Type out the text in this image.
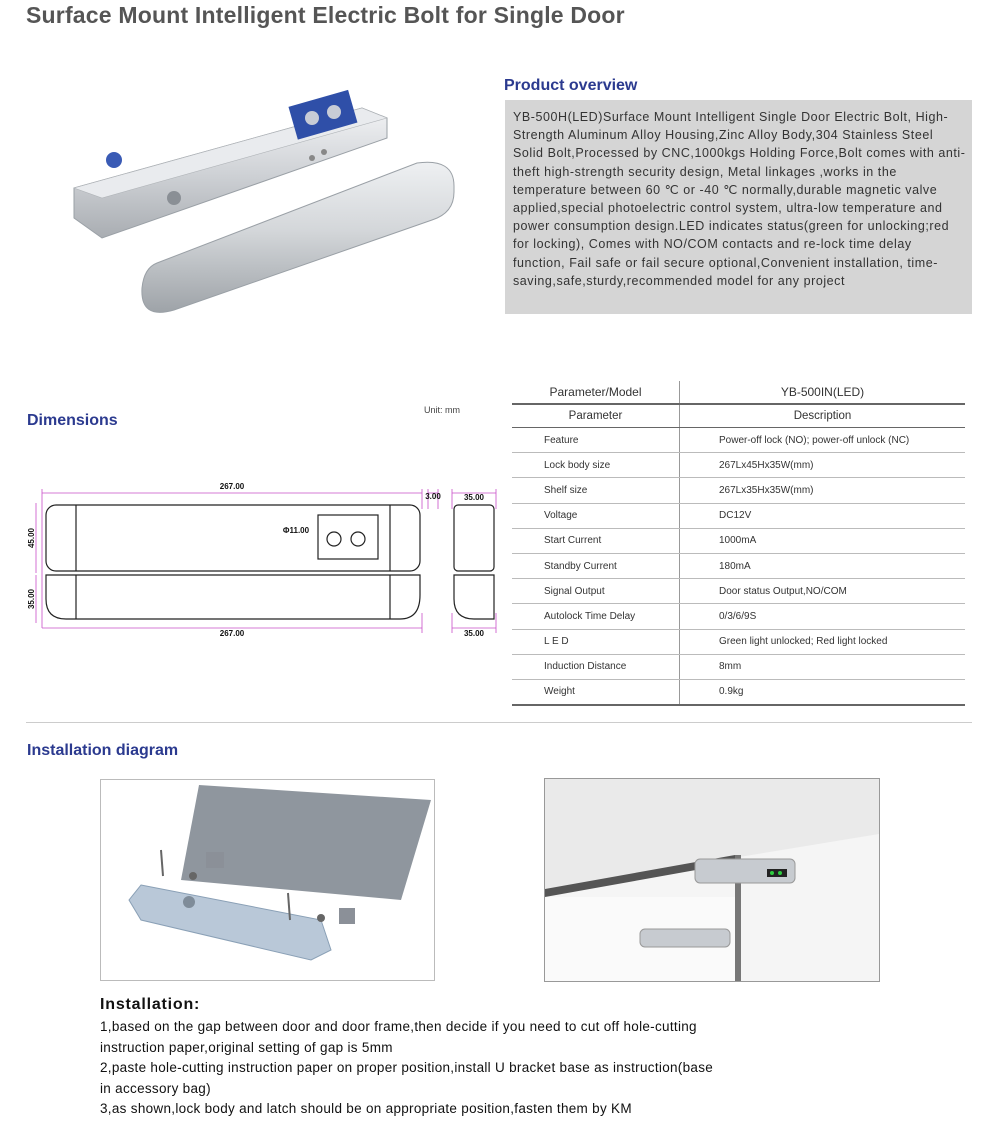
Surface Mount Intelligent Electric Bolt for Single Door
Product overview

YB-500H(LED)Surface Mount Intelligent Single Door Electric Bolt, High-Strength Aluminum Alloy Housing,Zinc Alloy Body,304 Stainless Steel Solid Bolt,Processed by CNC,1000kgs Holding Force,Bolt comes with anti-theft high-strength security design, Metal linkages ,works in the temperature between 60 ℃ or -40 ℃ normally,durable magnetic valve applied,special photoelectric control system, ultra-low temperature and power consumption design.LED indicates status(green for unlocking;red for locking), Comes with NO/COM contacts and re-lock time delay function, Fail safe or fail secure optional,Convenient installation, time-saving,safe,sturdy,recommended model for any project

Dimensions
Unit: mm
267.00
3.00	35.00
45.00	Φ11.00
35.00
267.00	35.00
Parameter/Model	YB-500IN(LED)
Parameter	Description
Feature	Power-off lock (NO); power-off unlock (NC)
Lock body size	267Lx45Hx35W(mm)
Shelf size	267Lx35Hx35W(mm)
Voltage	DC12V
Start Current	1000mA
Standby Current	180mA
Signal Output	Door status Output,NO/COM
Autolock Time Delay	0/3/6/9S
L E D	Green light unlocked; Red light locked
Induction Distance	8mm
Weight	0.9kg
Installation diagram
Installation:

1,based on the gap between door and door frame,then decide if you need to cut off hole-cutting instruction paper,original setting of gap is 5mm

2,paste hole-cutting instruction paper on proper position,install U bracket base as instruction(base in accessory bag)

3,as shown,lock body and latch should be on appropriate position,fasten them by KM
